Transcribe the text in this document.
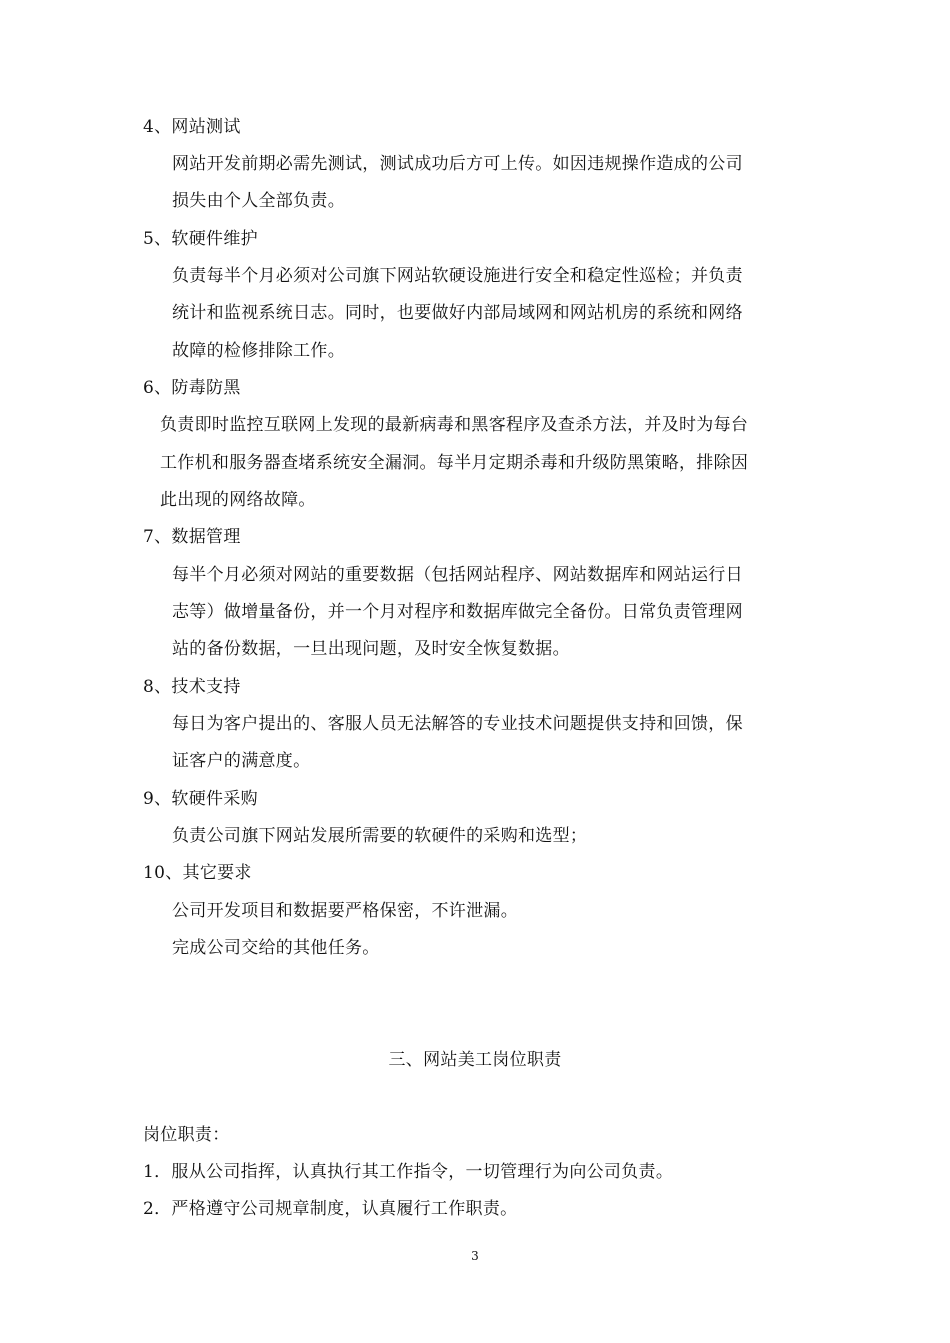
4、网站测试
网站开发前期必需先测试，测试成功后方可上传。如因违规操作造成的公司
损失由个人全部负责。
5、软硬件维护
负责每半个月必须对公司旗下网站软硬设施进行安全和稳定性巡检；并负责
统计和监视系统日志。同时，也要做好内部局域网和网站机房的系统和网络
故障的检修排除工作。
6、防毒防黑
负责即时监控互联网上发现的最新病毒和黑客程序及查杀方法，并及时为每台
工作机和服务器查堵系统安全漏洞。每半月定期杀毒和升级防黑策略，排除因
此出现的网络故障。
7、数据管理
每半个月必须对网站的重要数据（包括网站程序、网站数据库和网站运行日
志等）做增量备份，并一个月对程序和数据库做完全备份。日常负责管理网
站的备份数据，一旦出现问题，及时安全恢复数据。
8、技术支持
每日为客户提出的、客服人员无法解答的专业技术问题提供支持和回馈，保
证客户的满意度。
9、软硬件采购
负责公司旗下网站发展所需要的软硬件的采购和选型；
10、其它要求
公司开发项目和数据要严格保密，不许泄漏。
完成公司交给的其他任务。
三、网站美工岗位职责
岗位职责：
1．服从公司指挥，认真执行其工作指令，一切管理行为向公司负责。
2．严格遵守公司规章制度，认真履行工作职责。
3
